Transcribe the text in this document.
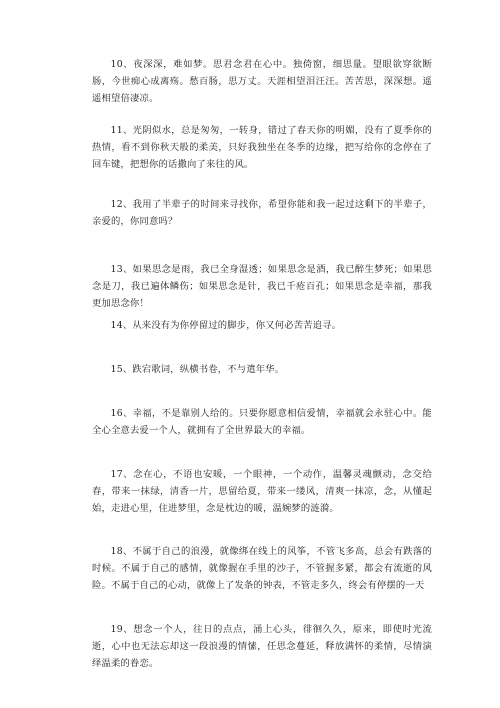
10、夜深深，难如梦。思君念君在心中。独倚窗，细思量。望眼欲穿欲断肠，今世痴心成离殇。愁百肠，思万丈。天涯相望泪汪汪。苦苦思，深深想。遥遥相望倍凄凉。

11、光阴似水，总是匆匆，一转身，错过了春天你的明媚，没有了夏季你的热情，看不到你秋天般的柔美，只好我独坐在冬季的边缘，把写给你的念停在了回车键，把想你的话撒向了来往的风。

12、我用了半辈子的时间来寻找你，希望你能和我一起过这剩下的半辈子，亲爱的，你同意吗？

13、如果思念是雨，我已全身湿透；如果思念是酒，我已醉生梦死；如果思念是刀，我已遍体鳞伤；如果思念是针，我已千疮百孔；如果思念是幸福，那我更加思念你！

14、从来没有为你停留过的脚步，你又何必苦苦追寻。

15、跌宕歌词，纵横书卷，不与遣年华。

16、幸福，不是靠别人给的。只要你愿意相信爱情，幸福就会永驻心中。能全心全意去爱一个人，就拥有了全世界最大的幸福。

17、念在心，不语也安暖，一个眼神，一个动作，温馨灵魂颤动，念交给春，带来一抹绿，清香一片，思留给夏，带来一缕风，清爽一抹凉，念，从懂起始，走进心里，住进梦里，念是枕边的暖，温婉梦的涟漪。

18、不属于自己的浪漫，就像绑在线上的风筝，不管飞多高，总会有跌落的时候。不属于自己的感情，就像握在手里的沙子，不管握多紧，都会有流逝的风险。不属于自己的心动，就像上了发条的钟表，不管走多久，终会有停摆的一天

19、想念一个人，往日的点点，涌上心头，徘徊久久，原来，即使时光流逝，心中也无法忘却这一段浪漫的情愫，任思念蔓延，释放满怀的柔情，尽情演绎温柔的眷恋。
